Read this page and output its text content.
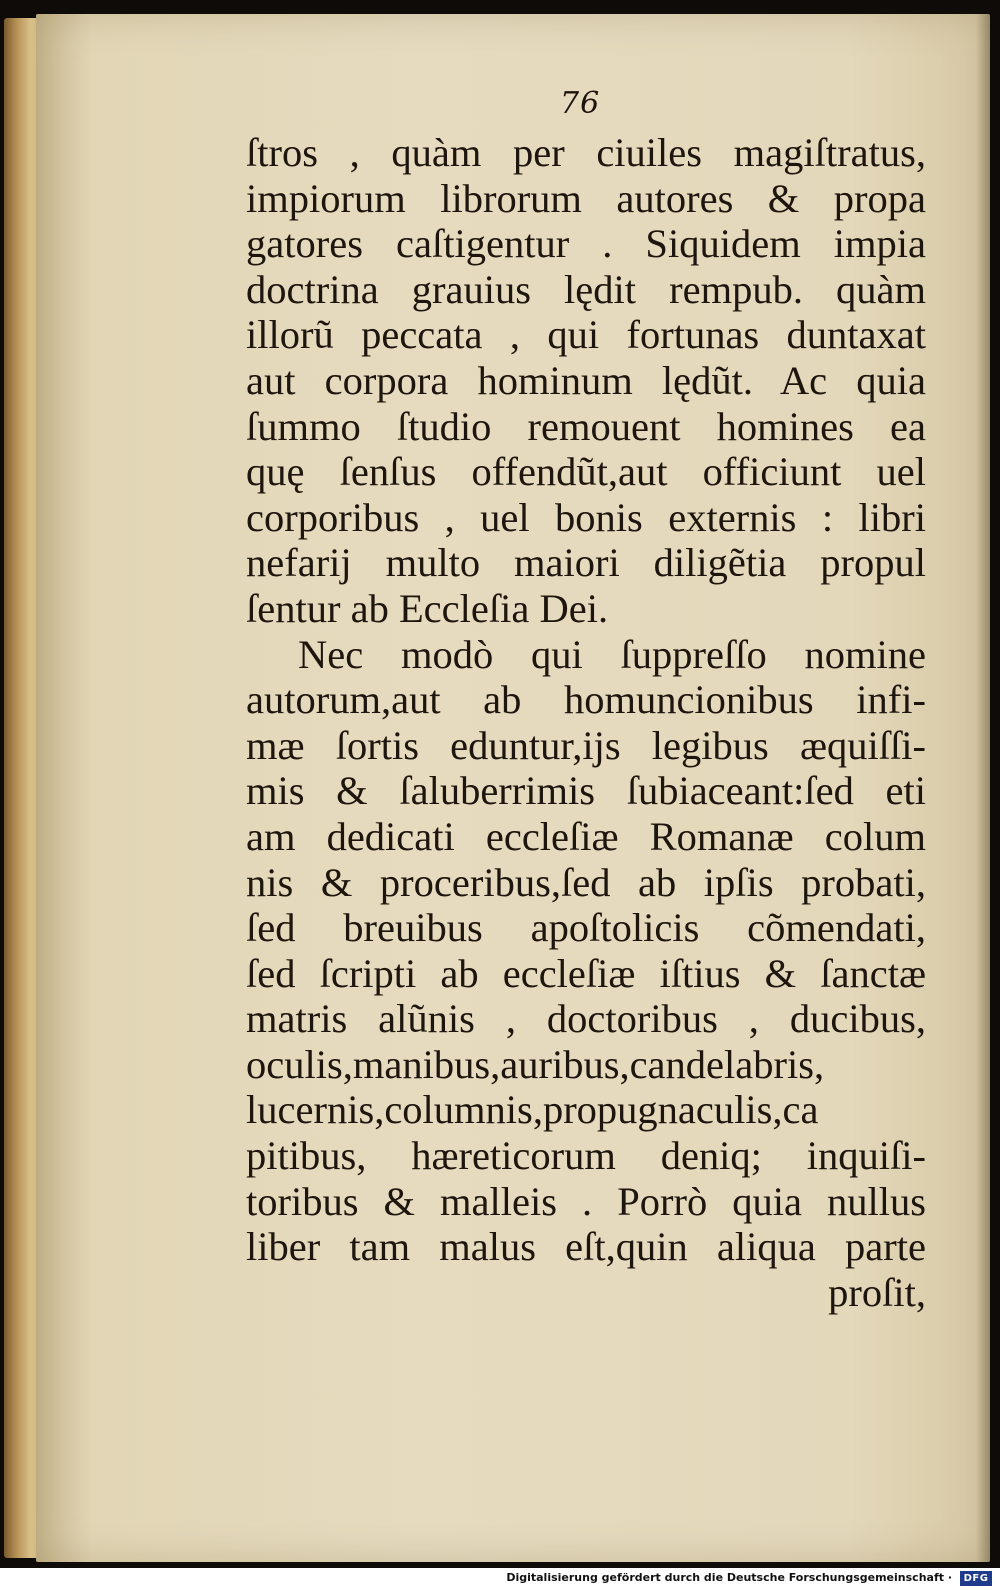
76
ſtros , quàm per ciuiles magiſtratus,
impiorum librorum autores & propa
gatores caſtigentur . Siquidem impia
doctrina grauius lędit rempub. quàm
illorũ peccata , qui fortunas duntaxat
aut corpora hominum lędũt. Ac quia
ſummo ſtudio remouent homines ea
quę ſenſus offendũt,aut officiunt uel
corporibus , uel bonis externis : libri
nefarij multo maiori diligẽtia propul
ſentur ab Eccleſia Dei.
Nec modò qui ſuppreſſo nomine
autorum,aut ab homuncionibus infi-
mæ ſortis eduntur,ijs legibus æquiſſi-
mis & ſaluberrimis ſubiaceant:ſed eti
am dedicati eccleſiæ Romanæ colum
nis & proceribus,ſed ab ipſis probati,
ſed breuibus apoſtolicis cõmendati,
ſed ſcripti ab eccleſiæ iſtius & ſanctæ
matris alũnis , doctoribus , ducibus,
oculis,manibus,auribus,candelabris,
lucernis,columnis,propugnaculis,ca
pitibus, hæreticorum deniq; inquiſi-
toribus & malleis . Porrò quia nullus
liber tam malus eſt,quin aliqua parte
proſit,
Digitalisierung gefördert durch die Deutsche Forschungsgemeinschaft ·	DFG
